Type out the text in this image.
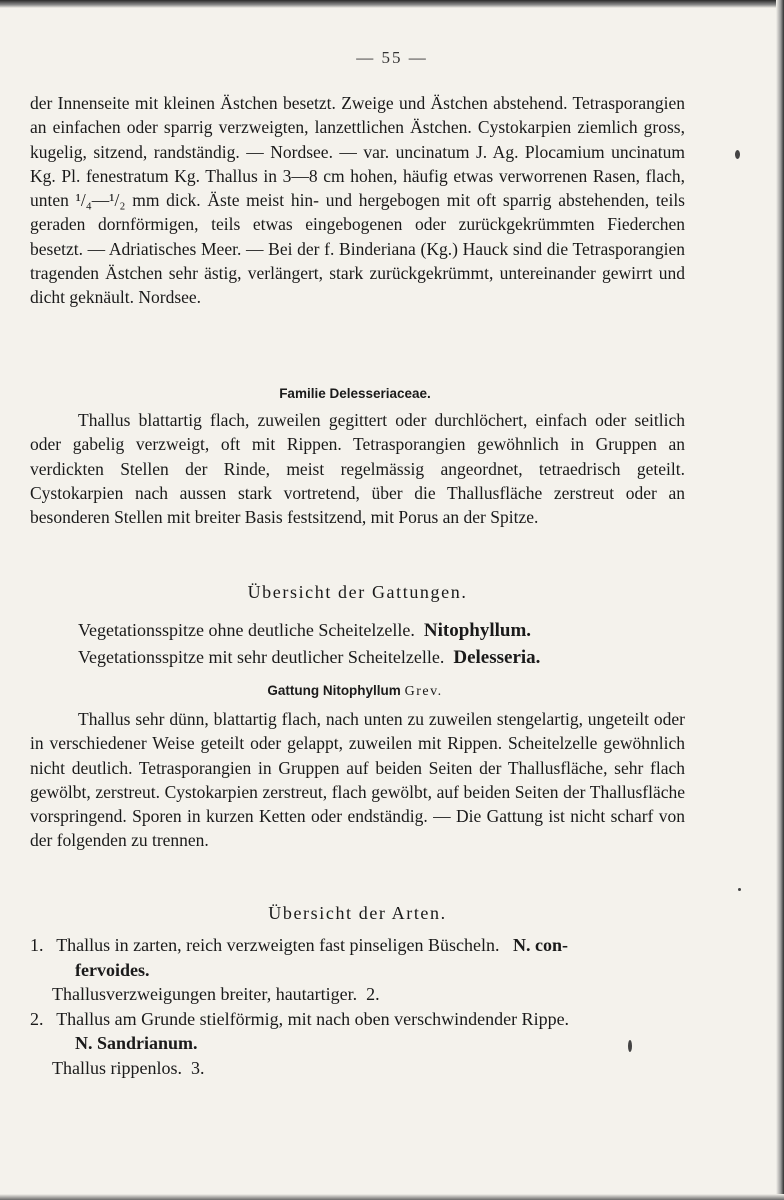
— 55 —
der Innenseite mit kleinen Ästchen besetzt. Zweige und Ästchen abstehend. Tetrasporangien an einfachen oder sparrig verzweigten, lanzettlichen Ästchen. Cystokarpien ziemlich gross, kugelig, sitzend, randständig. — Nordsee. — var. uncinatum J. Ag. Plocamium uncinatum Kg. Pl. fenestratum Kg. Thallus in 3—8 cm hohen, häufig etwas verworrenen Rasen, flach, unten ¹/₄—¹/₂ mm dick. Äste meist hin- und hergebogen mit oft sparrig abstehenden, teils geraden dornförmigen, teils etwas eingebogenen oder zurückgekrümmten Fiederchen besetzt. — Adriatisches Meer. — Bei der f. Binderiana (Kg.) Hauck sind die Tetrasporangien tragenden Ästchen sehr ästig, verlängert, stark zurückgekrümmt, untereinander gewirrt und dicht geknäult. Nordsee.
Familie Delesseriaceae.
Thallus blattartig flach, zuweilen gegittert oder durchlöchert, einfach oder seitlich oder gabelig verzweigt, oft mit Rippen. Tetrasporangien gewöhnlich in Gruppen an verdickten Stellen der Rinde, meist regelmässig angeordnet, tetraedrisch geteilt. Cystokarpien nach aussen stark vortretend, über die Thallusfläche zerstreut oder an besonderen Stellen mit breiter Basis festsitzend, mit Porus an der Spitze.
Übersicht der Gattungen.
Vegetationsspitze ohne deutliche Scheitelzelle. Nitophyllum.
Vegetationsspitze mit sehr deutlicher Scheitelzelle. Delesseria.
Gattung Nitophyllum Grev.
Thallus sehr dünn, blattartig flach, nach unten zu zuweilen stengelartig, ungeteilt oder in verschiedener Weise geteilt oder gelappt, zuweilen mit Rippen. Scheitelzelle gewöhnlich nicht deutlich. Tetrasporangien in Gruppen auf beiden Seiten der Thallusfläche, sehr flach gewölbt, zerstreut. Cystokarpien zerstreut, flach gewölbt, auf beiden Seiten der Thallusfläche vorspringend. Sporen in kurzen Ketten oder endständig. — Die Gattung ist nicht scharf von der folgenden zu trennen.
Übersicht der Arten.
1. Thallus in zarten, reich verzweigten fast pinseligen Büscheln. N. con-
fervoides.
Thallusverzweigungen breiter, hautartiger. 2.
2. Thallus am Grunde stielförmig, mit nach oben verschwindender Rippe.
N. Sandrianum.
Thallus rippenlos. 3.
